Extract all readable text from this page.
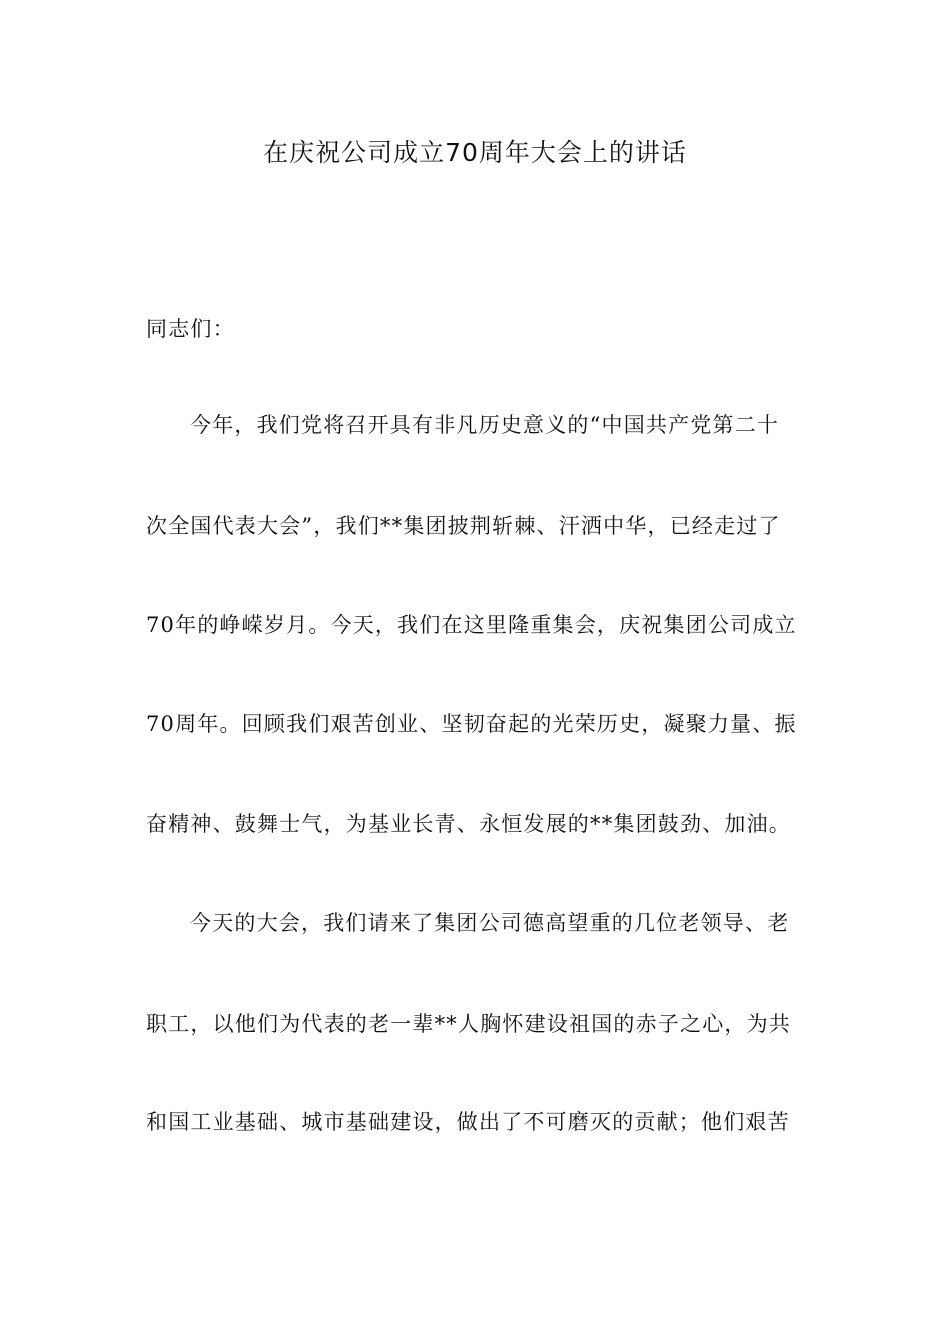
在庆祝公司成立70周年大会上的讲话
同志们：
今年，我们党将召开具有非凡历史意义的“中国共产党第二十
次全国代表大会”，我们**集团披荆斩棘、汗洒中华，已经走过了
70年的峥嵘岁月。今天，我们在这里隆重集会，庆祝集团公司成立
70周年。回顾我们艰苦创业、坚韧奋起的光荣历史，凝聚力量、振
奋精神、鼓舞士气，为基业长青、永恒发展的**集团鼓劲、加油。
今天的大会，我们请来了集团公司德高望重的几位老领导、老
职工，以他们为代表的老一辈**人胸怀建设祖国的赤子之心，为共
和国工业基础、城市基础建设，做出了不可磨灭的贡献；他们艰苦
